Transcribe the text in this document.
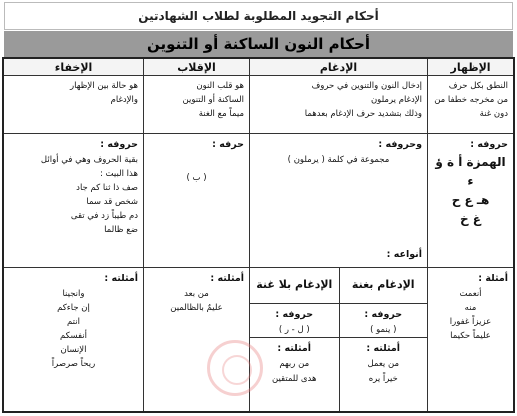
أحكام التجويد المطلوبة لطلاب الشهادتين
أحكام النون الساكنة أو التنوين
الإظهار
النطق بكل حرف
من مخرجه خطفا من
دون غنة
حروفه :
الهمزة أ ة ؤ ء
هـ ع ح
غ خ
أمثلة :
أنعمت
منه
عزيزاً غفورا
عليماً حكيما
الإدغام
إدخال النون والتنوين في حروف
الإدغام يرملون
وذلك بتشديد حرف الإدغام بعدهما
وحروفه :
مجموعة في كلمة ( يرملون )
أنواعه :
الإدغام بغنة
حروفه :
( ينمو )
أمثلته :
من يعمل
خيراً يره
الإدغام بلا غنة
حروفه :
( ل - ر )
أمثلته :
من ربهم
هدى للمتقين
الإقلاب
هو قلب النون
الساكنة أو التنوين
ميماً مع الغنة
حرفه :
( ب )
أمثلته :
من بعد
عليمٌ بالظالمين
الإخفاء
هو حالة بين الإظهار
والإدغام
حروفه :
بقية الحروف وهي في أوائل
هذا البيت :
صف ذا ثنا كم جاد
شخص قد سما
دم طيباً زد في تقى
ضع ظالما
أمثلته :
وانجينا
إن جاءكم
انتم
أنفسكم
الإنسان
ريحاً صرصراً
